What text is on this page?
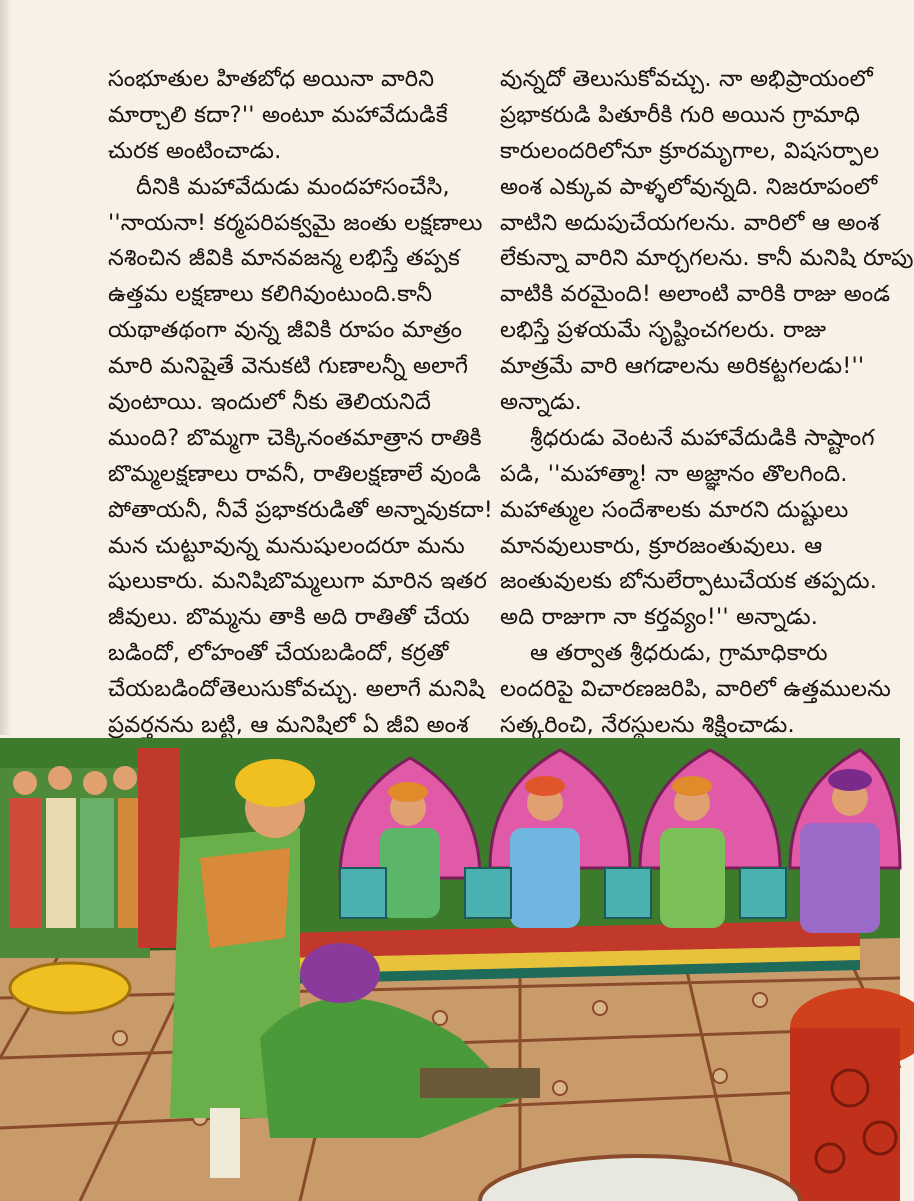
సంభూతుల హితబోధ అయినా వారిని
మార్చాలి కదా?'' అంటూ మహావేదుడికే
చురక అంటించాడు.
దీనికి మహావేదుడు మందహాసంచేసి,
''నాయనా! కర్మపరిపక్వమై జంతు లక్షణాలు
నశించిన జీవికి మానవజన్మ లభిస్తే తప్పక
ఉత్తమ లక్షణాలు కలిగివుంటుంది.కానీ
యథాతథంగా వున్న జీవికి రూపం మాత్రం
మారి మనిషైతే వెనుకటి గుణాలన్నీ అలాగే
వుంటాయి. ఇందులో నీకు తెలియనిదే
ముంది? బొమ్మగా చెక్కినంతమాత్రాన రాతికి
బొమ్మలక్షణాలు రావనీ, రాతిలక్షణాలే వుండి
పోతాయనీ, నీవే ప్రభాకరుడితో అన్నావుకదా!
మన చుట్టూవున్న మనుషులందరూ మను
షులుకారు. మనిషిబొమ్మలుగా మారిన ఇతర
జీవులు. బొమ్మను తాకి అది రాతితో చేయ
బడిందో, లోహంతో చేయబడిందో, కర్రతో
చేయబడిందోతెలుసుకోవచ్చు. అలాగే మనిషి
ప్రవర్తనను బట్టి, ఆ మనిషిలో ఏ జీవి అంశ
వున్నదో తెలుసుకోవచ్చు. నా అభిప్రాయంలో
ప్రభాకరుడి పితూరీకి గురి అయిన గ్రామాధి
కారులందరిలోనూ క్రూరమృగాల, విషసర్పాల
అంశ ఎక్కువ పాళ్ళలోవున్నది. నిజరూపంలో
వాటిని అదుపుచేయగలను. వారిలో ఆ అంశ
లేకున్నా వారిని మార్చగలను. కానీ మనిషి రూపు
వాటికి వరమైంది! అలాంటి వారికి రాజు అండ
లభిస్తే ప్రళయమే సృష్టించగలరు. రాజు
మాత్రమే వారి ఆగడాలను అరికట్టగలడు!''
అన్నాడు.
శ్రీధరుడు వెంటనే మహావేదుడికి సాష్టాంగ
పడి, ''మహాత్మా! నా అజ్ఞానం తొలగింది.
మహాత్ముల సందేశాలకు మారని దుష్టులు
మానవులుకారు, క్రూరజంతువులు. ఆ
జంతువులకు బోనులేర్పాటుచేయక తప్పదు.
అది రాజుగా నా కర్తవ్యం!'' అన్నాడు.
ఆ తర్వాత శ్రీధరుడు, గ్రామాధికారు
లందరిపై విచారణజరిపి, వారిలో ఉత్తములను
సత్కరించి, నేరస్థులను శిక్షించాడు.
